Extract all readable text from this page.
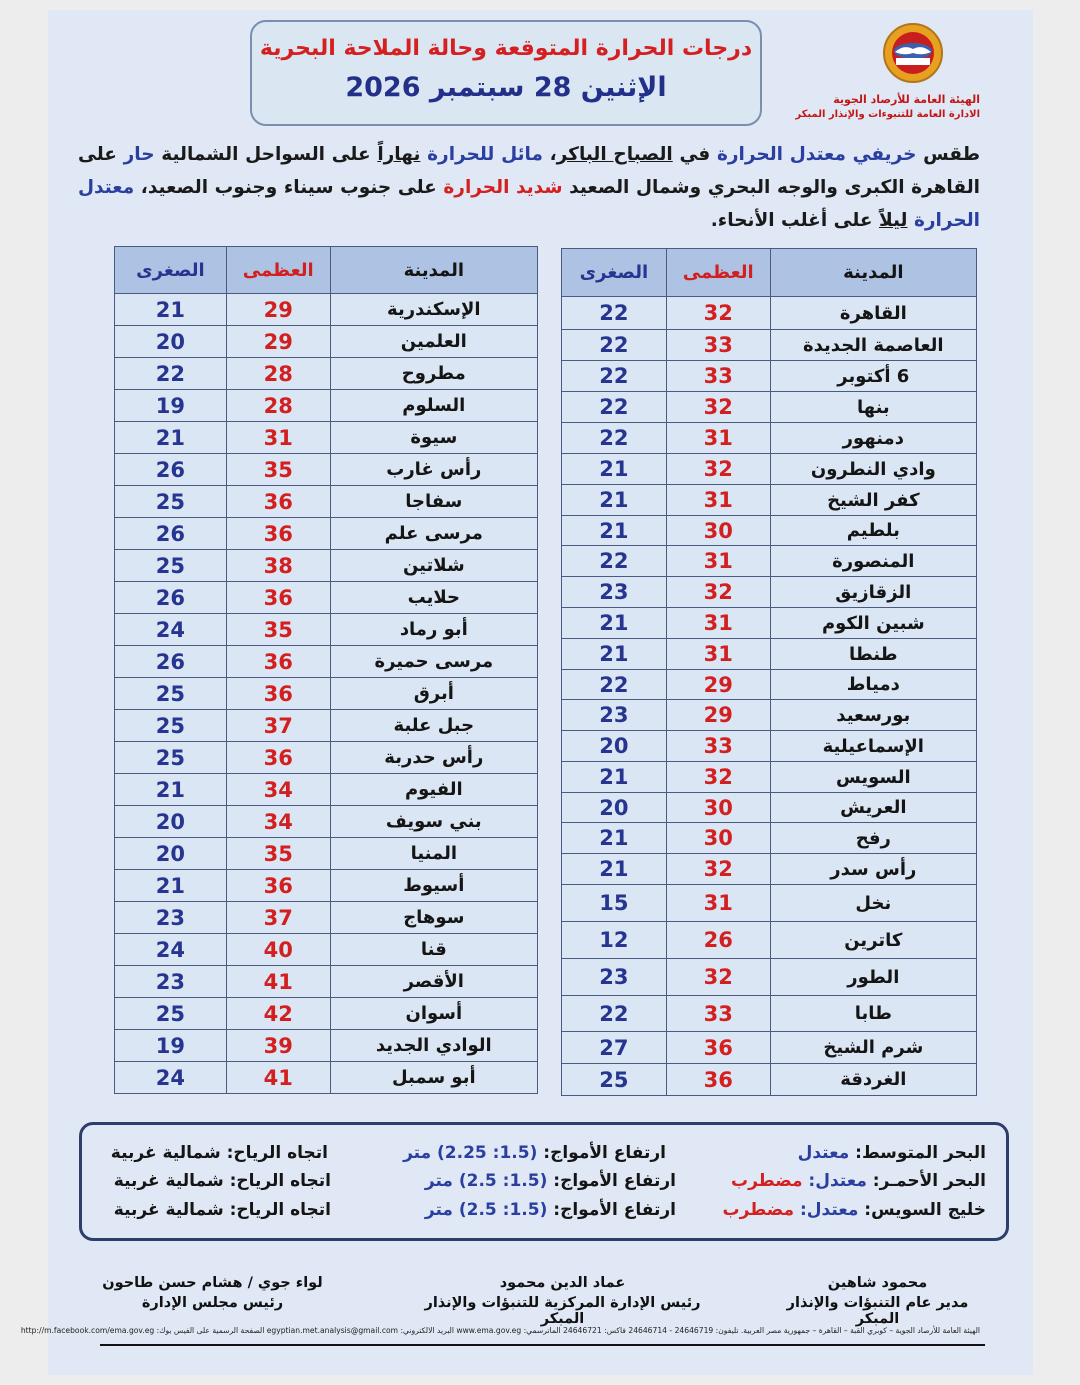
درجات الحرارة المتوقعة وحالة الملاحة البحرية
الإثنين 28 سبتمبر 2026	الهيئة العامة للأرصاد الجوية
الادارة العامة للتنبوءات والإنذار المبكر
طقس خريفي معتدل الحرارة في الصباح الباكر، مائل للحرارة نهاراً على السواحل الشمالية حار على القاهرة الكبرى والوجه البحري وشمال الصعيد شديد الحرارة على جنوب سيناء وجنوب الصعيد، معتدل الحرارة ليلاً على أغلب الأنحاء.
المدينة	العظمى	الصغرى
القاهرة	32	22
العاصمة الجديدة	33	22
6 أكتوبر	33	22
بنها	32	22
دمنهور	31	22
وادي النطرون	32	21
كفر الشيخ	31	21
بلطيم	30	21
المنصورة	31	22
الزقازيق	32	23
شبين الكوم	31	21
طنطا	31	21
دمياط	29	22
بورسعيد	29	23
الإسماعيلية	33	20
السويس	32	21
العريش	30	20
رفح	30	21
رأس سدر	32	21
نخل	31	15
كاترين	26	12
الطور	32	23
طابا	33	22
شرم الشيخ	36	27
الغردقة	36	25
المدينة	العظمى	الصغرى
الإسكندرية	29	21
العلمين	29	20
مطروح	28	22
السلوم	28	19
سيوة	31	21
رأس غارب	35	26
سفاجا	36	25
مرسى علم	36	26
شلاتين	38	25
حلايب	36	26
أبو رماد	35	24
مرسى حميرة	36	26
أبرق	36	25
جبل علبة	37	25
رأس حدربة	36	25
الفيوم	34	21
بني سويف	34	20
المنيا	35	20
أسيوط	36	21
سوهاج	37	23
قنا	40	24
الأقصر	41	23
أسوان	42	25
الوادي الجديد	39	19
أبو سمبل	41	24
البحر المتوسط: معتدل
ارتفاع الأمواج: (1.5: 2.25) متر
اتجاه الرياح: شمالية غربية
البحر الأحمـر: معتدل: مضطرب
ارتفاع الأمواج: (1.5: 2.5) متر
اتجاه الرياح: شمالية غربية
خليج السويس: معتدل: مضطرب
ارتفاع الأمواج: (1.5: 2.5) متر
اتجاه الرياح: شمالية غربية
محمود شاهين
مدير عام التنبؤات والإنذار المبكر
عماد الدين محمود
رئيس الإدارة المركزية للتنبؤات والإنذار المبكر
لواء جوي / هشام حسن طاحون
رئيس مجلس الإدارة
الهيئة العامة للأرصاد الجوية – كوبري القبة – القاهرة – جمهورية مصر العربية. تليفون: 24646719 - 24646714 فاكس: 24646721 الماترسمي: www.ema.gov.eg البريد الالكتروني: egyptian.met.analysis@gmail.com الصفحة الرسمية على الفيس بوك: http://m.facebook.com/ema.gov.eg
